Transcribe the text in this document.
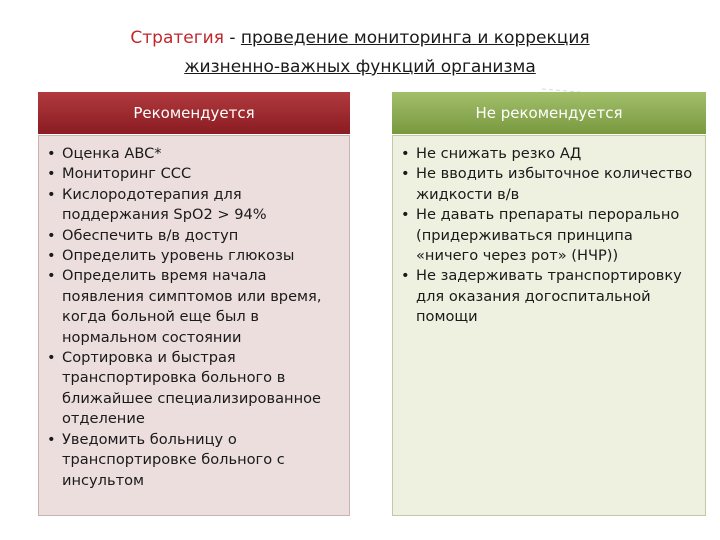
Стратегия - проведение мониторинга и коррекция
жизненно-важных функций организма
Рекомендуется	Не рекомендуется
• Оценка ABC*
• Мониторинг ССС
• Кислородотерапия для поддержания SpO2 > 94%
• Обеспечить в/в доступ
• Определить уровень глюкозы
• Определить время начала появления симптомов или время, когда больной еще был в нормальном состоянии
• Сортировка и быстрая транспортировка больного в ближайшее специализированное отделение
• Уведомить больницу о транспортировке больного с инсультом
• Не снижать резко АД
• Не вводить избыточное количество жидкости в/в
• Не давать препараты перорально (придерживаться принципа «ничего через рот» (НЧР))
• Не задерживать транспортировку для оказания догоспитальной помощи
